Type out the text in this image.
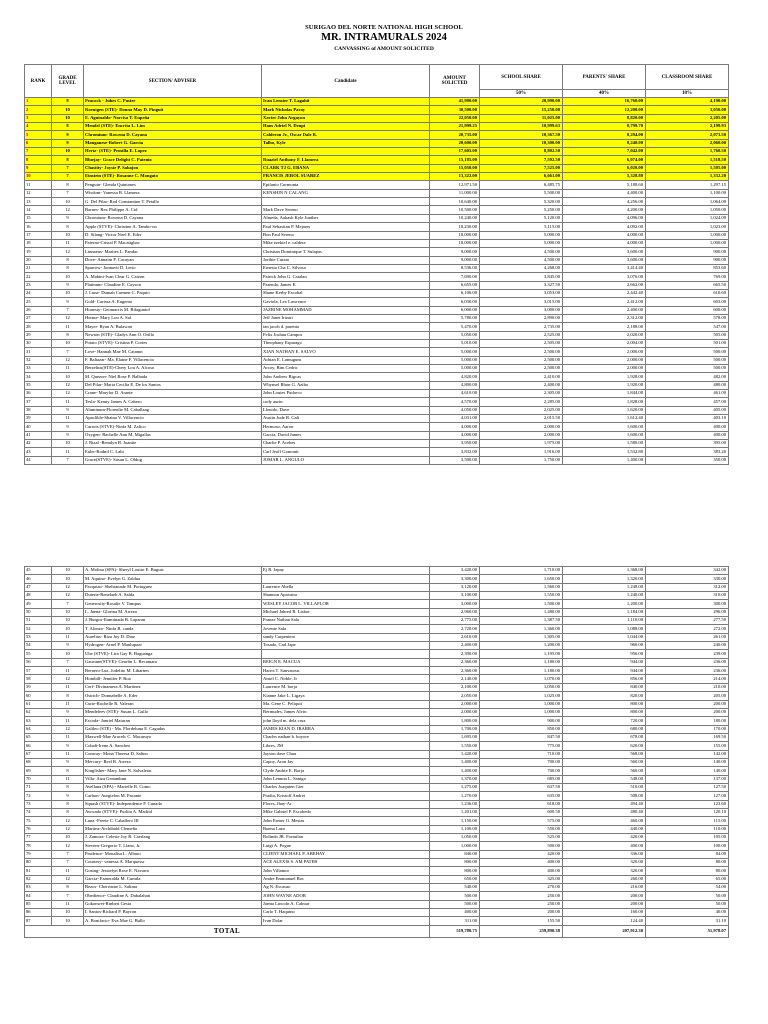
SURIGAO DEL NORTE NATIONAL HIGH SCHOOL
MR. INTRAMURALS 2024
CANVASSING of AMOUNT SOLICITED
RANK	GRADE LEVEL	SECTION/ ADVISER	Candidate	AMOUNT SOLICTED	SCHOOL SHARE	PARENTS' SHARE	CLASSROOM SHARE
					50%	40%	10%
1	8	Peacock - Jubes C. Paster	Ivan Lenster T. Lagahit	41,980.00	20,990.00	16,760.00	4,190.00
2	10	Roentgen (STE)- Donna May D. Pinguit	Mark Nicholas Paray	30,500.00	15,250.00	12,200.00	3,050.00
3	10	E. Aguinaldo- Narcisa T. Eupeña	Xavier John Argayon	22,050.00	11,025.00	8,820.00	2,205.00
4	8	Mendel (STE)- Encrita L. Lim	Hans Adriel N. Denpi	21,999.25	10,999.63	8,799.70	2,199.93
5	9	Chromium- Rowena D. Cayana	Calderon Jr., Oscar Dale R.	20,735.00	10,367.50	8,294.00	2,073.50
6	9	Manganese-Robert G. Garcia	Talbo, Kyle	20,600.00	10,300.00	8,240.00	2,060.00
7	10	Hertz- (STE)- Prosilla E. Lopez		17,605.00	8,802.50	7,042.00	1,760.50
8	8	Bluejay- Grace Delight C. Patenio	Ruaziel Anthony F. Llamera	15,185.00	7,592.50	6,074.00	1,518.50
9	7	Chastity- Joysie P. Sabajon	CLARK TJ G. EBANA	15,050.00	7,525.00	6,020.00	1,505.00
10	7	Einstein (STE)- Rosanne C. Mongato	FRANCIS JEROL SUAREZ	13,322.00	6,661.00	5,328.80	1,332.20
11	8	Penguin- Glenda Quintanes	Epifanio Curmonta	12,971.50	6,485.75	5,188.60	1,297.15
12	7	Wisdom- Vanessa B. Llamera	KENSHIN N CALANG	11,000.00	5,500.00	4,400.00	1,100.00
13	10	G. Del Pilar- Rod Constantine T. Petallo		10,640.00	5,320.00	4,256.00	1,064.00
14	12	Barnes- Rex Philippe A. Cid	Mark Dave Sereno	10,500.00	5,250.00	4,200.00	1,050.00
15	9	Chromium- Rowena D. Cayana	Almeda, Aakash Kyle Junther	10,240.00	5,120.00	4,096.00	1,024.00
16	8	Apple (STVE)- Christine A. Tambo-on	Paul Sebastian P. Mejares	10,230.00	5,115.00	4,092.00	1,023.00
17	10	D. Silang- Victor Noel E. Eder	Bon Paul Sereno	10,000.00	5,000.00	4,000.00	1,000.00
18	11	Paterno-Cristal P. Macatigbac	Mike ezekiel e. caldera	10,000.00	5,000.00	4,000.00	1,000.00
19	12	Linnaeus- Marites L. Pandac	Christian Dominique T. Sulapas	9,000.00	4,500.00	3,600.00	900.00
20	8	Dove- Annaim F. Cacayan	Jorthie Curato	9,000.00	4,500.00	3,600.00	900.00
21	8	Sparrow- Jonnavit D. Lerio	Ernesto Cha C. Silvosa	8,536.00	4,268.00	3,414.40	853.60
22	10	A. Mabini-Ivan Clear G. Caizon	Patrick John G. Catalan	7,690.00	3,845.00	3,076.00	769.00
23	9	Platinum- Claudine E. Cayson	Parenda, James E.	6,655.00	3,327.50	2,662.00	665.50
24	10	J. Luna- Dumah Carmen C. Paquio	Shane Kerby Escobal	6,106.00	3,053.00	2,442.40	610.60
25	9	Gold- Carissa A. Eugenio	Gaviola, Lex Lawrence	6,030.00	3,015.00	2,412.00	603.00
26	7	Honesty- Geomacris M. Bilaguntol	JAZRINE MOHAMMAD	6,000.00	3,000.00	2,400.00	600.00
27	12	Herme- Mary Lou A. Sal	Jeff Janet Irizari	5,780.00	2,890.00	2,312.00	578.00
28	11	Mayer- Ryan A. Bulawan	ian jacob d. parenia	5,470.00	2,735.00	2,188.00	547.00
29	8	Newton (STE)- Gladys Ann O. Orillo	Felix Joshua Campos	5,050.00	2,525.00	2,020.00	505.00
30	10	Potato (STVE)- Cristina P. Cortes	Theophany Esparago	5,010.00	2,505.00	2,004.00	501.00
31	7	Love- Hannah Mae M. Catamn	XIAN NATHAN E. SALVO	5,000.00	2,500.00	2,000.00	500.00
32	12	F. Baltazar- Ma. Elaine F. Villacencio	Adrian E. Lamugum	5,000.00	2,500.00	2,000.00	500.00
33	11	Berzelius(STE)-Chery Lou A. Alcoso	Arcoy, Bim Cedric	5,000.00	2,500.00	2,000.00	500.00
34	10	M. Quezon- Niel Rose P. Balbada	John Andrew Bigcas	4,820.00	2,410.00	1,928.00	482.00
35	12	Del Pilar- Maria Cecilia E. De los Santos	Whynsel Rhon G. Azibo	4,800.00	2,400.00	1,920.00	480.00
36	12	Crane- Marylor D. Arante	John Louies Pacheco	4,610.00	2,305.00	1,844.00	461.00
37	11	Tesla- Kenny James A. Cabero	cody aurin	4,570.00	2,285.00	1,828.00	457.00
38	9	Aluminum-Florenlie M. Caballaag	Llenido, Dave	4,050.00	2,025.00	1,620.00	405.00
39	11	Apaclible-Shaina V. Villacencio	Austin Jude R. Gali	4,031.00	2,015.50	1,612.40	403.10
40	9	Carrots (STVE)-Ninfa M. Zafico	Hermoso, Aaron	4,000.00	2,000.00	1,600.00	400.00
41	9	Oxygen- Rachelle Ann M. Migallas	Garcia, David James	4,000.00	2,000.00	1,600.00	400.00
42	10	J. Rizal -Renalyn B. Juanite	Charlie P. Acebes	3,950.00	1,975.00	1,580.00	395.00
43	11	Euler-Rodnil C. Labi	Carl Jeoff Gomonit	3,832.00	1,916.00	1,532.80	383.20
44	7	Grace(STVE)- Susan L. Oldog	JOMAR L. ANGULO	3,500.00	1,750.00	1,400.00	350.00
45	10	A. Molina (SPA)- Sheryl Louise E. Buguic	Ej B. Japay	3,420.00	1,710.00	1,368.00	342.00
46	10	M. Aquino- Evelyn G. Zaldua		3,300.00	1,650.00	1,320.00	330.00
47	12	Pacquiao- Shehranade M. Portuguez	Laurence Abella	3,120.00	1,560.00	1,248.00	312.00
48	12	Duterte-Renelaeb A. Salda	Shannon Apovatra	3,100.00	1,550.00	1,240.00	310.00
49	7	Generosity-Rosalie V. Tampus	WESLEY JACOB L. VILLAFLOR	3,000.00	1,500.00	1,200.00	300.00
50	10	L. Jaena- Glorina M. Arreza	Michael Jahred R. Lisbor	2,960.00	1,480.00	1,184.00	296.00
51	10	J. Burgos-Ilumiinada B. Laparan	Franze Nathan Sala	2,775.00	1,387.50	1,110.00	277.50
52	10	T. Alonzo- Ninfa B. canda	Jovenie Sala	2,720.00	1,360.00	1,088.00	272.00
53	11	Aurelius- Riza Joy D. Diaz	sandy Carpentero	2,610.00	1,305.00	1,044.00	261.00
54	9	Hydrogen- Arnel P. Manlupazc	Tosado, Carl Jape	2,400.00	1,200.00	960.00	240.00
55	10	Ube (STVE)- Lira Gay B. Baguanga		2,390.00	1,195.00	956.00	239.00
56	7	Gauvane(STVE)- Gearlin L. Recamara	REIGN E. MACUA	2,360.00	1,180.00	944.00	236.00
57	11	Bernero-Luz. Jodelito M. Libarnes	Harris T. Sanvarous	2,360.00	1,180.00	944.00	236.00
58	12	Hombill- Jennifer P. Roa	Ansel C. Noble, Jr	2,140.00	1,070.00	856.00	214.00
59	11	Cerf- Divinamera A. Martinez	Laurence M. borja	2,100.00	1,050.00	840.00	210.00
60	8	Ostrich- Donnabelle A. Eder	Kianne Jake L. Ligaya	2,050.00	1,025.00	820.00	205.00
61	11	Curie-Rochelle R. Valeran	Ma. Gene C. Peliquit	2,000.00	1,000.00	800.00	200.00
62	9	Mendeleev (STE)- Susan L. Gullo	Bermudes, James Alvin	2,000.00	1,000.00	800.00	200.00
63	11	Escoda- Janriel Maturan	john lloyd m. dela cruz	1,800.00	900.00	720.00	180.00
64	12	Galileo (STE) - Ma. Flordeluna E. Cagadas	JAMES KIAN D. IBARRA	1,700.00	850.00	680.00	170.00
65	11	Maxwell-Mae Aracelc C. Macaruyo	Charles nathan b. boyore	1,695.00	847.50	678.00	169.50
66	9	Cobalt-Irene A. Sanchez	Libres, JM	1,550.00	775.00	620.00	155.00
67	11	Conway- Mona Theresa D. Salino	Jayson dave Chua	1,420.00	710.00	568.00	142.00
68	9	Mercury- Reel R. Arreza	Capoy, Aron Jay	1,400.00	700.00	560.00	140.00
69	8	Kingfisher- Mary Jane N. Salvaleon	Clyde Andrie E. Borja	1,400.00	700.00	560.00	140.00
70	11	Villa- Aiza Genambun	John Lennon L. Saniga	1,370.00	685.00	548.00	137.00
71	8	Avellana (SPA) - Marielle R. Como	Charles Joaquien Gier	1,275.00	637.50	510.00	127.50
72	9	Carbon- Aurgielon M. Pacante	Pradia, Kristoff Andrei	1,270.00	635.00	508.00	127.00
73	8	Squash (STVE)- Independence P. Cunada	Flores, Jhay-Ar	1,236.00	618.00	494.40	123.60
74	8	Avocado (STVE)- Purlita A. Madrid	Mike Gabriel P. Escobedo	1,201.00	600.50	480.40	120.10
75	12	Luna -Freeie C. Caballero III	John Esmer O. Mesias	1,150.00	575.00	460.00	115.00
76	12	Martinz-Archibald Clemeña	Buena Lazo	1,100.00	550.00	440.00	110.00
77	10	J. Zamora- Celeste Joy R. Caerlang	Rolindo JR. Formilan	1,050.00	525.00	420.00	105.00
78	12	Stevens-Gregorio T. Llano, Jr.	Luigi A. Pogue	1,000.00	500.00	400.00	100.00
79	7	Prudence- Monalisa L. Albaro	CLIENT MICHAEL P. ABEHAY	840.00	420.00	336.00	84.00
80	7	Courtesy- vanessa A. Marquessr	ACE ALEXIS S. AM PATER	800.00	400.00	320.00	80.00
81	11	Gosing- Jessielyn Rose E. Navarro	John Villamor	800.00	400.00	320.00	80.00
82	12	Garcia- Esmeralda M. Cumila	Andre Emmanuel Boc	650.00	325.00	260.00	65.00
83	8	Bezos- Cherrisme L. Salima	Ag N. Escasuo	540.00	270.00	216.00	54.00
84	7	Obedience- Claudine A. Dabalahan	JOHN WAYNE ADOR	500.00	250.00	200.00	50.00
85	11	Gokonwei-Rinbert Gesta	Jarma Lincoln A. Calmar	500.00	250.00	200.00	50.00
86	10	I. Santos-Richard P. Bayron	Carlo T. Haquino	400.00	200.00	160.00	40.00
87	10	A. Bonifacio- Eva Mae G. Bullo	Ivan Dolar	311.00	155.50	124.40	31.10
TOTAL				519,780.75	259,890.38	207,912.30	51,978.07
